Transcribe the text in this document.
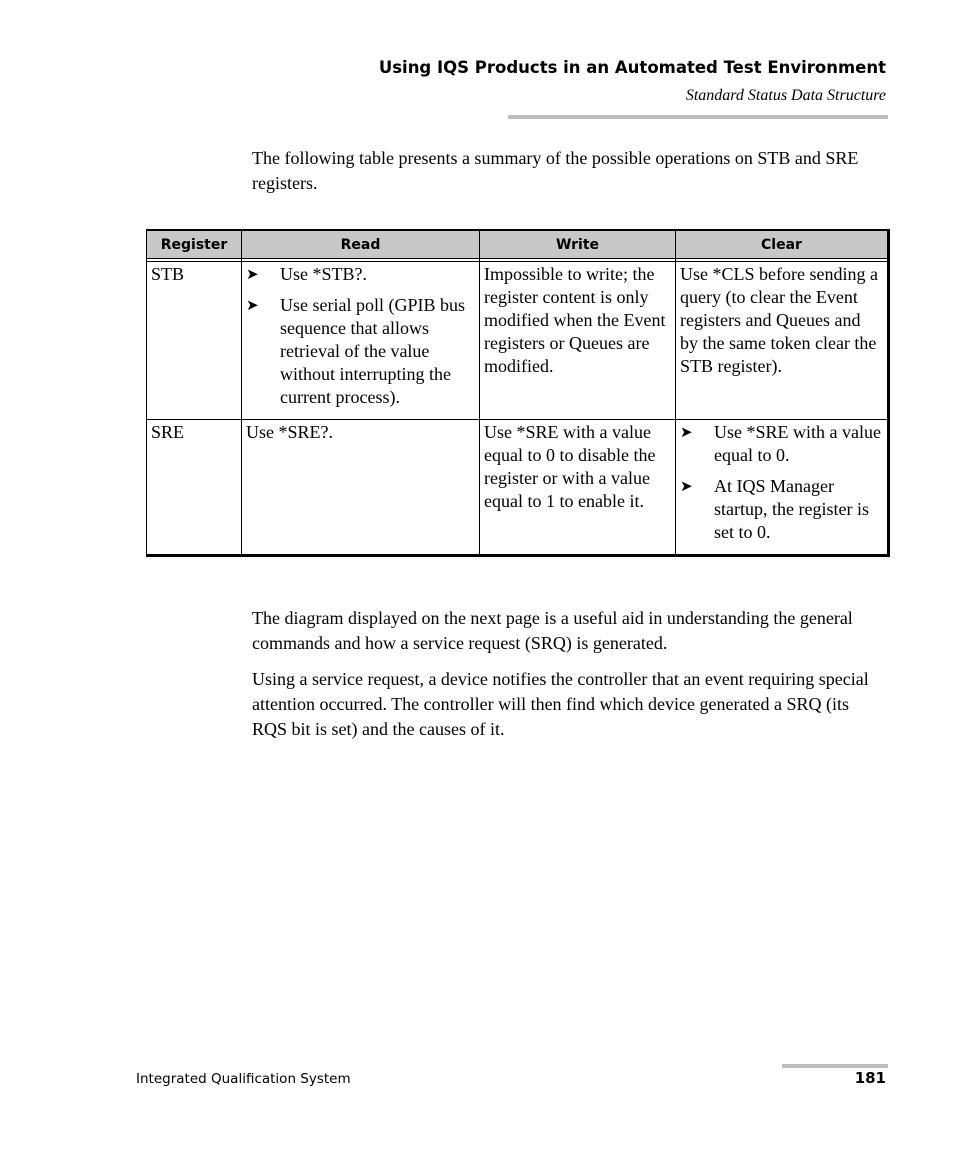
Using IQS Products in an Automated Test Environment
Standard Status Data Structure

The following table presents a summary of the possible operations on STB and SRE registers.

Register	Read	Write	Clear

STB	➤ Use *STB?.
➤ Use serial poll (GPIB bus sequence that allows retrieval of the value without interrupting the current process).	Impossible to write; the register content is only modified when the Event registers or Queues are modified.	Use *CLS before sending a query (to clear the Event registers and Queues and by the same token clear the STB register).
SRE	Use *SRE?.	Use *SRE with a value equal to 0 to disable the register or with a value equal to 1 to enable it.	➤ Use *SRE with a value equal to 0.
➤ At IQS Manager startup, the register is set to 0.

The diagram displayed on the next page is a useful aid in understanding the general commands and how a service request (SRQ) is generated.

Using a service request, a device notifies the controller that an event requiring special attention occurred. The controller will then find which device generated a SRQ (its RQS bit is set) and the causes of it.

Integrated Qualification System	181
